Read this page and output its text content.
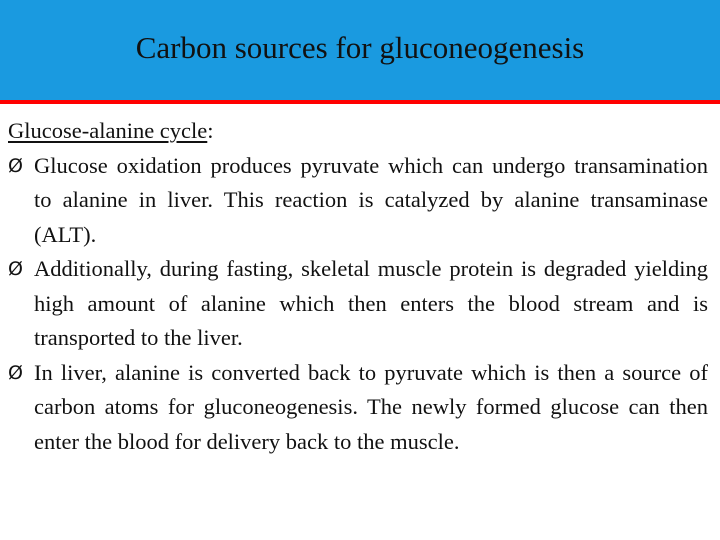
Carbon sources for gluconeogenesis

Glucose-alanine cycle:

Ø Glucose oxidation produces pyruvate which can undergo transamination to alanine in liver. This reaction is catalyzed by alanine transaminase (ALT).
Ø Additionally, during fasting, skeletal muscle protein is degraded yielding high amount of alanine which then enters the blood stream and is transported to the liver.
Ø In liver, alanine is converted back to pyruvate which is then a source of carbon atoms for gluconeogenesis. The newly formed glucose can then enter the blood for delivery back to the muscle.
